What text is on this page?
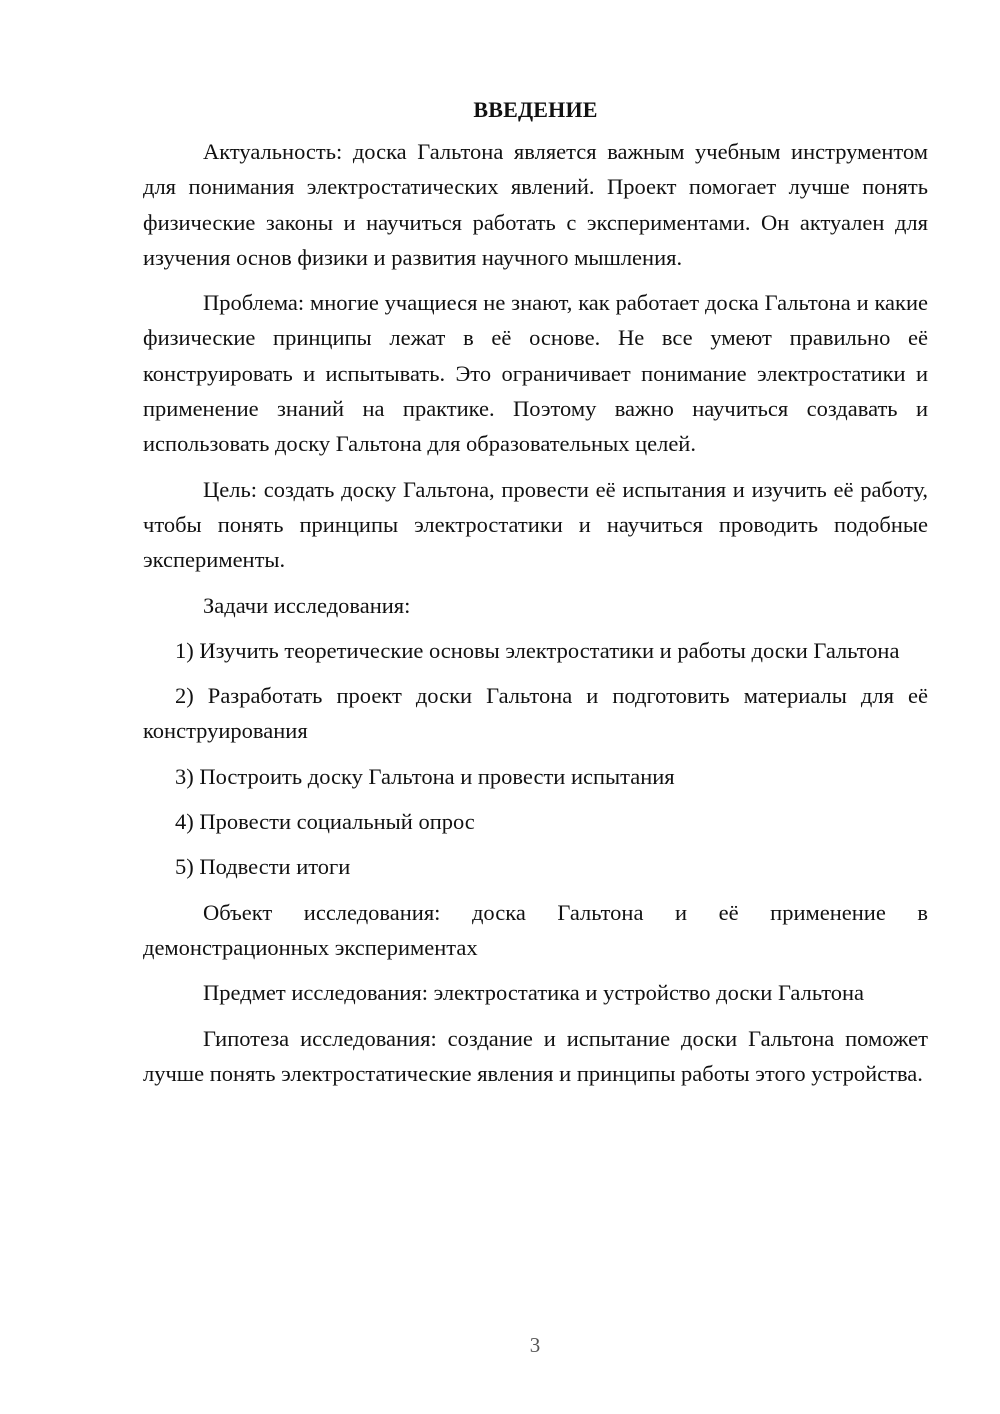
ВВЕДЕНИЕ

Актуальность: доска Гальтона является важным учебным инструментом для понимания электростатических явлений. Проект помогает лучше понять физические законы и научиться работать с экспериментами. Он актуален для изучения основ физики и развития научного мышления.

Проблема: многие учащиеся не знают, как работает доска Гальтона и какие физические принципы лежат в её основе. Не все умеют правильно её конструировать и испытывать. Это ограничивает понимание электростатики и применение знаний на практике. Поэтому важно научиться создавать и использовать доску Гальтона для образовательных целей.

Цель: создать доску Гальтона, провести её испытания и изучить её работу, чтобы понять принципы электростатики и научиться проводить подобные эксперименты.

Задачи исследования:

1) Изучить теоретические основы электростатики и работы доски Гальтона
2) Разработать проект доски Гальтона и подготовить материалы для её конструирования
3) Построить доску Гальтона и провести испытания
4) Провести социальный опрос
5) Подвести итоги

Объект исследования: доска Гальтона и её применение в демонстрационных экспериментах

Предмет исследования: электростатика и устройство доски Гальтона

Гипотеза исследования: создание и испытание доски Гальтона поможет лучше понять электростатические явления и принципы работы этого устройства.

3
